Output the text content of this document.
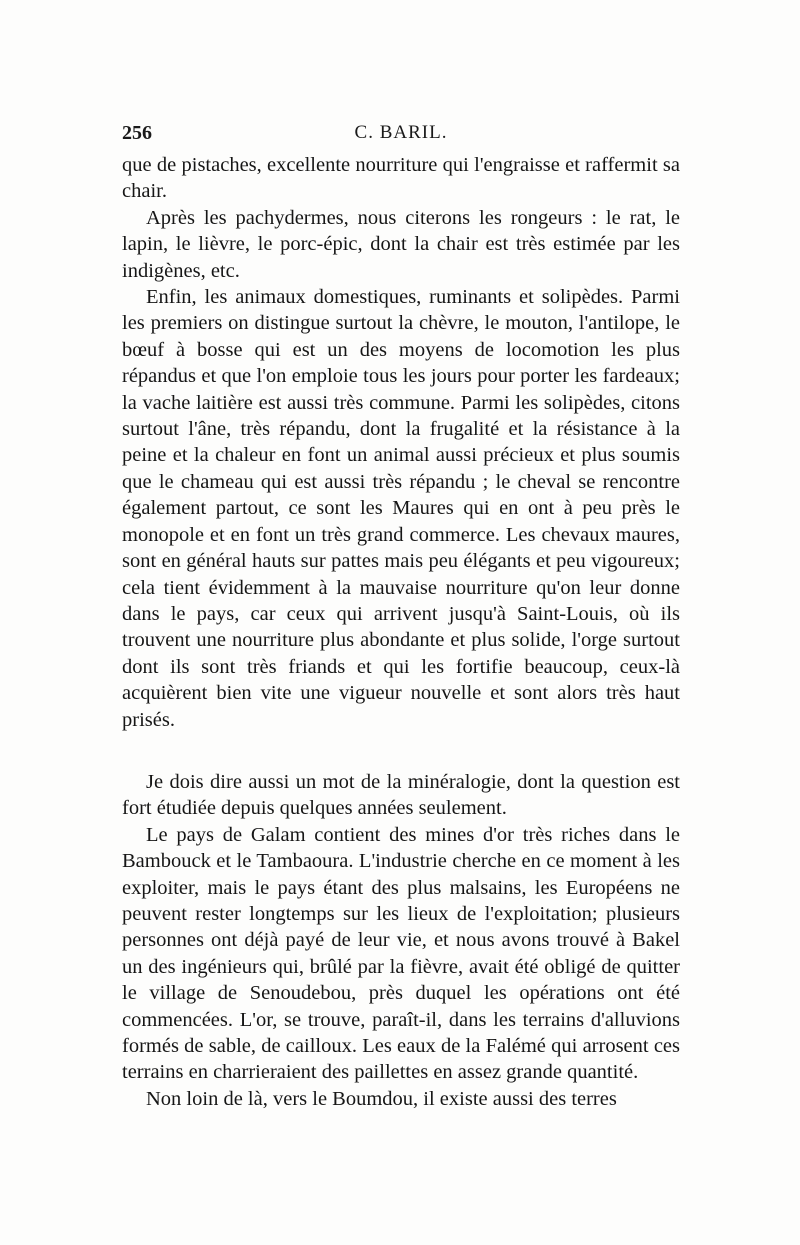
256	C. BARIL.

que de pistaches, excellente nourriture qui l'engraisse et raffermit sa chair.

Après les pachydermes, nous citerons les rongeurs : le rat, le lapin, le lièvre, le porc-épic, dont la chair est très estimée par les indigènes, etc.

Enfin, les animaux domestiques, ruminants et solipèdes. Parmi les premiers on distingue surtout la chèvre, le mouton, l'antilope, le bœuf à bosse qui est un des moyens de locomotion les plus répandus et que l'on emploie tous les jours pour porter les fardeaux; la vache laitière est aussi très commune. Parmi les solipèdes, citons surtout l'âne, très répandu, dont la frugalité et la résistance à la peine et la chaleur en font un animal aussi précieux et plus soumis que le chameau qui est aussi très répandu ; le cheval se rencontre également partout, ce sont les Maures qui en ont à peu près le monopole et en font un très grand commerce. Les chevaux maures, sont en général hauts sur pattes mais peu élégants et peu vigoureux; cela tient évidemment à la mauvaise nourriture qu'on leur donne dans le pays, car ceux qui arrivent jusqu'à Saint-Louis, où ils trouvent une nourriture plus abondante et plus solide, l'orge surtout dont ils sont très friands et qui les fortifie beaucoup, ceux-là acquièrent bien vite une vigueur nouvelle et sont alors très haut prisés.

Je dois dire aussi un mot de la minéralogie, dont la question est fort étudiée depuis quelques années seulement.

Le pays de Galam contient des mines d'or très riches dans le Bambouck et le Tambaoura. L'industrie cherche en ce moment à les exploiter, mais le pays étant des plus malsains, les Européens ne peuvent rester longtemps sur les lieux de l'exploitation; plusieurs personnes ont déjà payé de leur vie, et nous avons trouvé à Bakel un des ingénieurs qui, brûlé par la fièvre, avait été obligé de quitter le village de Senoudebou, près duquel les opérations ont été commencées. L'or, se trouve, paraît-il, dans les terrains d'alluvions formés de sable, de cailloux. Les eaux de la Falémé qui arrosent ces terrains en charrieraient des paillettes en assez grande quantité.

Non loin de là, vers le Boumdou, il existe aussi des terres
